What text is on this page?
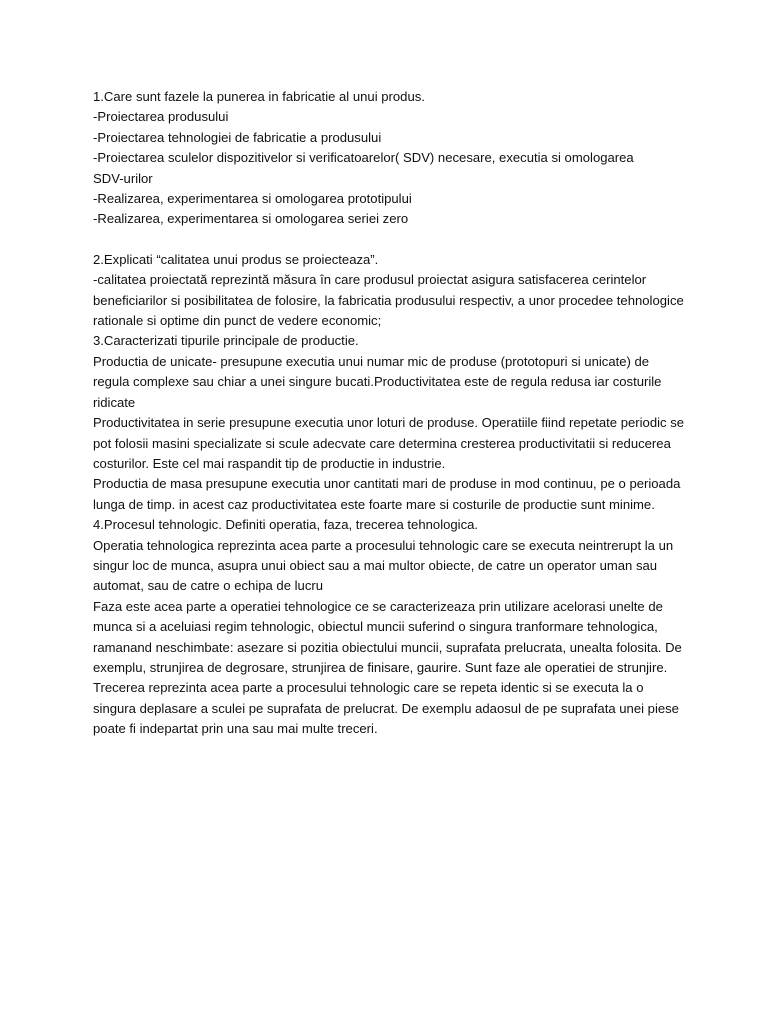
1.Care sunt fazele la punerea in fabricatie al unui produs.

-Proiectarea produsului
-Proiectarea tehnologiei de fabricatie a produsului
-Proiectarea sculelor dispozitivelor si verificatoarelor( SDV) necesare, executia si omologarea
SDV-urilor
-Realizarea, experimentarea si omologarea prototipului
-Realizarea, experimentarea si omologarea seriei zero

2.Explicati “calitatea unui produs se proiecteaza”.

-calitatea proiectată reprezintă măsura în care produsul proiectat asigura satisfacerea cerintelor beneficiarilor si posibilitatea de folosire, la fabricatia produsului respectiv, a unor procedee tehnologice rationale si optime din punct de vedere economic;

3.Caracterizati tipurile principale de productie.

Productia de unicate- presupune executia unui numar mic de produse (prototopuri si unicate) de regula complexe sau chiar a unei singure bucati.Productivitatea este de regula redusa iar costurile ridicate

Productivitatea in serie presupune executia unor loturi de produse. Operatiile fiind repetate periodic se pot folosii masini specializate si scule adecvate care determina cresterea productivitatii si reducerea costurilor. Este cel mai raspandit tip de productie in industrie.

Productia de masa presupune executia unor cantitati mari de produse in mod continuu, pe o perioada lunga de timp. in acest caz productivitatea este foarte mare si costurile de productie sunt minime.

4.Procesul tehnologic. Definiti operatia, faza, trecerea tehnologica.

Operatia tehnologica reprezinta acea parte a procesului tehnologic care se executa neintrerupt la un singur loc de munca, asupra unui obiect sau a mai multor obiecte, de catre un operator uman sau automat, sau de catre o echipa de lucru

Faza este acea parte a operatiei tehnologice ce se caracterizeaza prin utilizare acelorasi unelte de munca si a aceluiasi regim tehnologic, obiectul muncii suferind o singura tranformare tehnologica, ramanand neschimbate: asezare si pozitia obiectului muncii, suprafata prelucrata, unealta folosita. De exemplu, strunjirea de degrosare, strunjirea de finisare, gaurire. Sunt faze ale operatiei de strunjire.

Trecerea reprezinta acea parte a procesului tehnologic care se repeta identic si se executa la o singura deplasare a sculei pe suprafata de prelucrat. De exemplu adaosul de pe suprafata unei piese poate fi indepartat prin una sau mai multe treceri.
